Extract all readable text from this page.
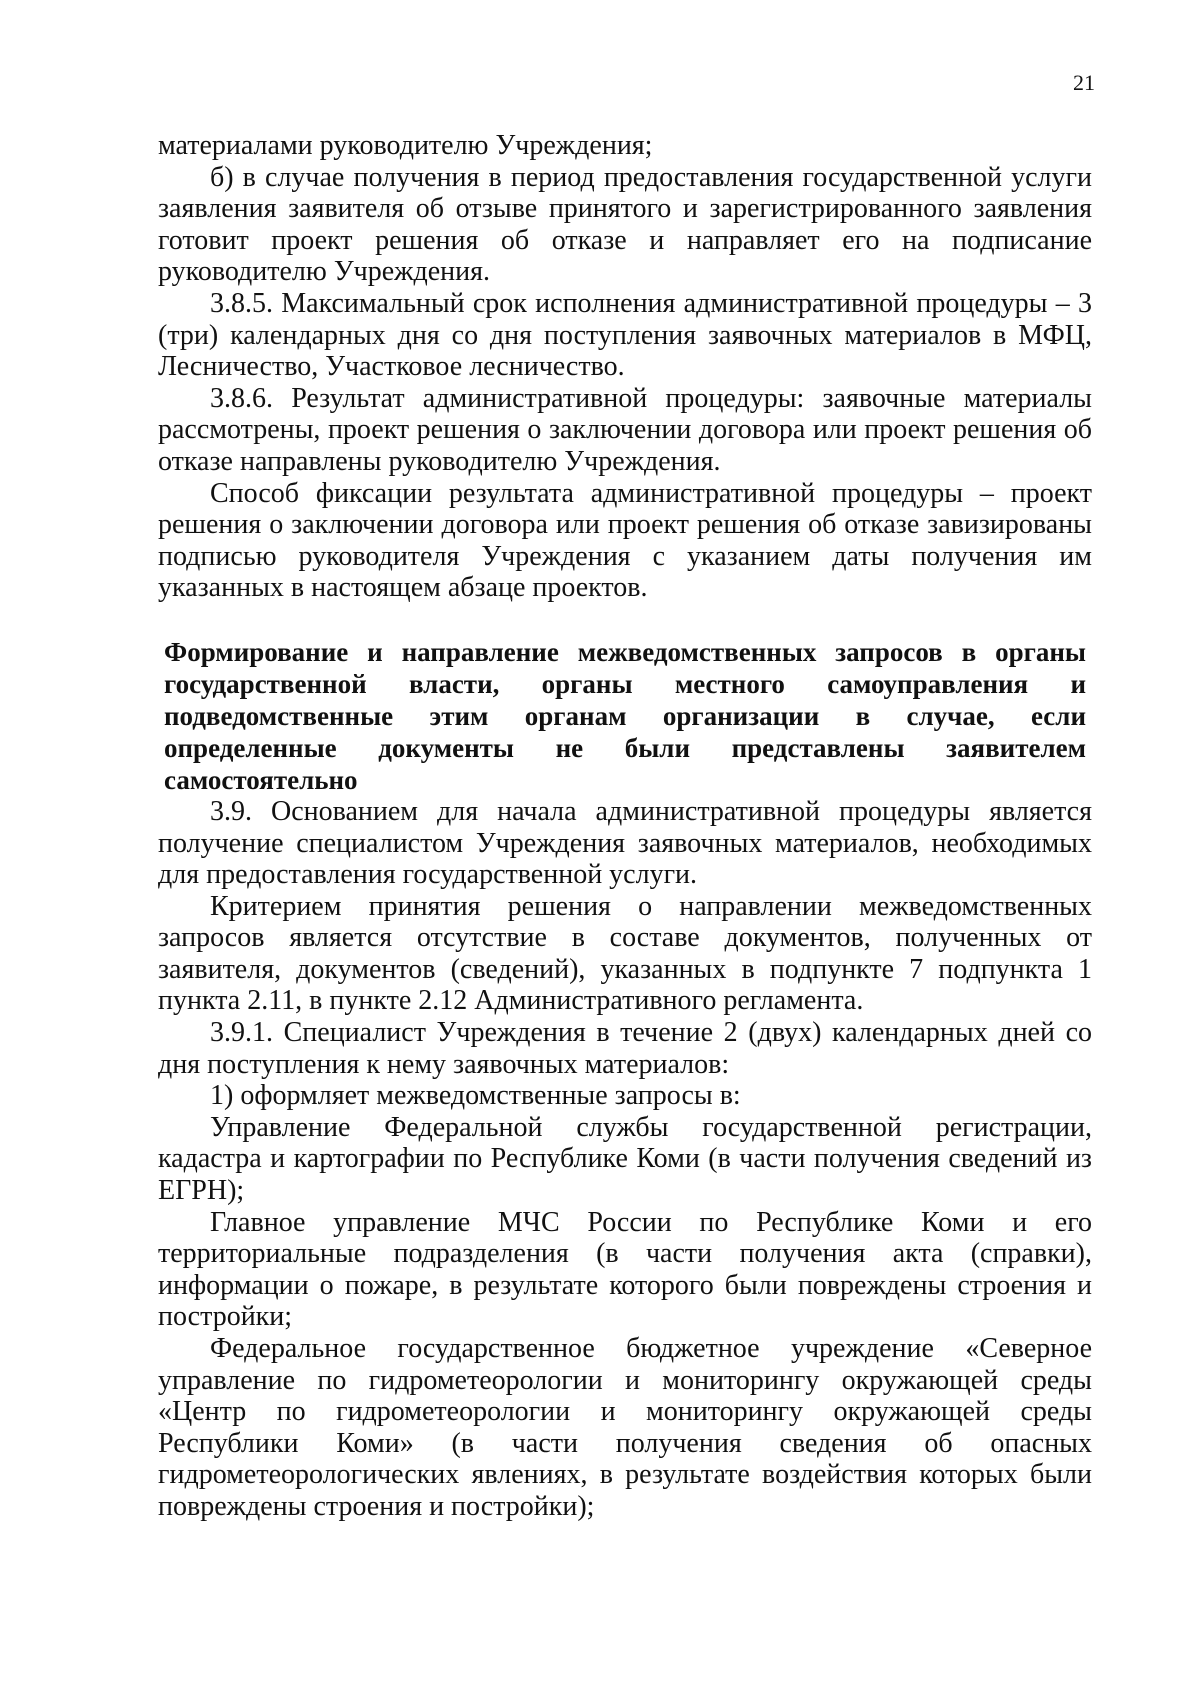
21

материалами руководителю Учреждения;

б) в случае получения в период предоставления государственной услуги заявления заявителя об отзыве принятого и зарегистрированного заявления готовит проект решения об отказе и направляет его на подписание руководителю Учреждения.

3.8.5. Максимальный срок исполнения административной процедуры – 3 (три) календарных дня со дня поступления заявочных материалов в МФЦ, Лесничество, Участковое лесничество.

3.8.6. Результат административной процедуры: заявочные материалы рассмотрены, проект решения о заключении договора или проект решения об отказе направлены руководителю Учреждения.

Способ фиксации результата административной процедуры – проект решения о заключении договора или проект решения об отказе завизированы подписью руководителя Учреждения с указанием даты получения им указанных в настоящем абзаце проектов.

Формирование и направление межведомственных запросов в органы государственной власти, органы местного самоуправления и подведомственные этим органам организации в случае, если определенные документы не были представлены заявителем самостоятельно

3.9. Основанием для начала административной процедуры является получение специалистом Учреждения заявочных материалов, необходимых для предоставления государственной услуги.

Критерием принятия решения о направлении межведомственных запросов является отсутствие в составе документов, полученных от заявителя, документов (сведений), указанных в подпункте 7 подпункта 1 пункта 2.11, в пункте 2.12 Административного регламента.

3.9.1. Специалист Учреждения в течение 2 (двух) календарных дней со дня поступления к нему заявочных материалов:

1) оформляет межведомственные запросы в:

Управление Федеральной службы государственной регистрации, кадастра и картографии по Республике Коми (в части получения сведений из ЕГРН);

Главное управление МЧС России по Республике Коми и его территориальные подразделения (в части получения акта (справки), информации о пожаре, в результате которого были повреждены строения и постройки;

Федеральное государственное бюджетное учреждение «Северное управление по гидрометеорологии и мониторингу окружающей среды «Центр по гидрометеорологии и мониторингу окружающей среды Республики Коми» (в части получения сведения об опасных гидрометеорологических явлениях, в результате воздействия которых были повреждены строения и постройки);
